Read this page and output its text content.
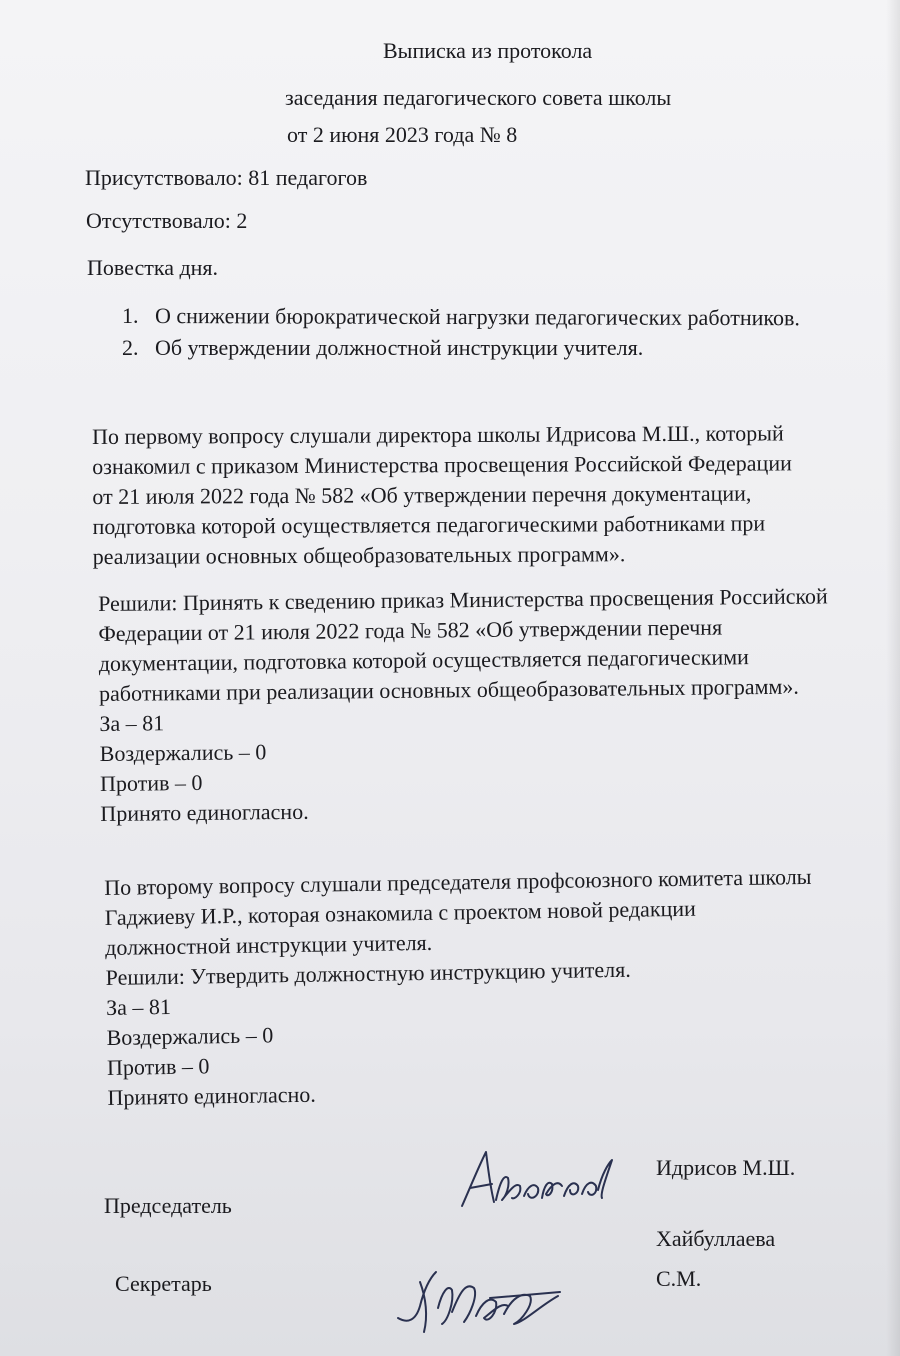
Выписка из протокола
заседания педагогического совета школы
от 2 июня 2023 года № 8
Присутствовало: 81 педагогов
Отсутствовало: 2
Повестка дня.
1. О снижении бюрократической нагрузки педагогических работников.
2. Об утверждении должностной инструкции учителя.
По первому вопросу слушали директора школы Идрисова М.Ш., который
ознакомил с приказом Министерства просвещения Российской Федерации
от 21 июля 2022 года № 582 «Об утверждении перечня документации,
подготовка которой осуществляется педагогическими работниками при
реализации основных общеобразовательных программ».
Решили: Принять к сведению приказ Министерства просвещения Российской
Федерации от 21 июля 2022 года № 582 «Об утверждении перечня
документации, подготовка которой осуществляется педагогическими
работниками при реализации основных общеобразовательных программ».
За – 81
Воздержались – 0
Против – 0
Принято единогласно.
По второму вопросу слушали председателя профсоюзного комитета школы
Гаджиеву И.Р., которая ознакомила с проектом новой редакции
должностной инструкции учителя.
Решили: Утвердить должностную инструкцию учителя.
За – 81
Воздержались – 0
Против – 0
Принято единогласно.
Председатель
Идрисов М.Ш.
Секретарь
Хайбуллаева
С.М.
